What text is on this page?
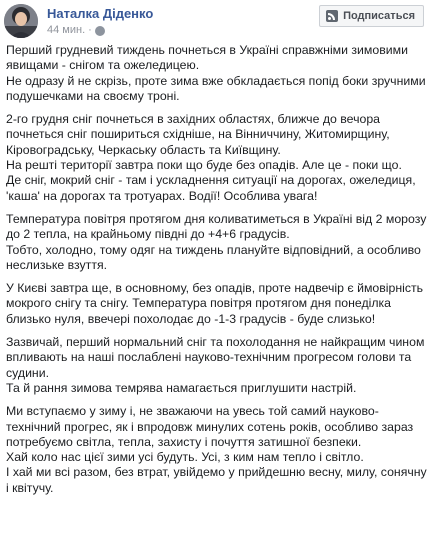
Наталка Діденко
44 мин. ·
Подписаться
Перший грудневий тиждень почнеться в Україні справжніми зимовими явищами - снігом та ожеледицею.
Не одразу й не скрізь, проте зима вже обкладається попід боки зручними подушечками на своєму троні.
2-го грудня сніг почнеться в західних областях, ближче до вечора почнеться сніг пошириться східніше, на Вінниччину, Житомирщину, Кіровоградську, Черкаську область та Київщину.
На решті території завтра поки що буде без опадів. Але це - поки що.
Де сніг, мокрий сніг - там і ускладнення ситуації на дорогах, ожеледиця, 'каша' на дорогах та тротуарах. Водії! Особлива увага!
Температура повітря протягом дня коливатиметься в Україні від 2 морозу до 2 тепла, на крайньому півдні до +4+6 градусів.
Тобто, холодно, тому одяг на тиждень плануйте відповідний, а особливо неслизьке взуття.
У Києві завтра ще, в основному, без опадів, проте надвечір є ймовірність мокрого снігу та снігу. Температура повітря протягом дня понеділка близько нуля, ввечері похолодає до -1-3 градусів - буде слизько!
Зазвичай, перший нормальний сніг та похолодання не найкращим чином впливають на наші послаблені науково-технічним прогресом голови та судини.
Та й рання зимова темрява намагається приглушити настрій.
Ми вступаємо у зиму і, не зважаючи на увесь той самий науково-технічний прогрес, як і впродовж минулих сотень років, особливо зараз потребуємо світла, тепла, захисту і почуття затишної безпеки.
Хай коло нас цієї зими усі будуть. Усі, з ким нам тепло і світло.
І хай ми всі разом, без втрат, увійдемо у прийдешню весну, милу, сонячну і квітучу.
